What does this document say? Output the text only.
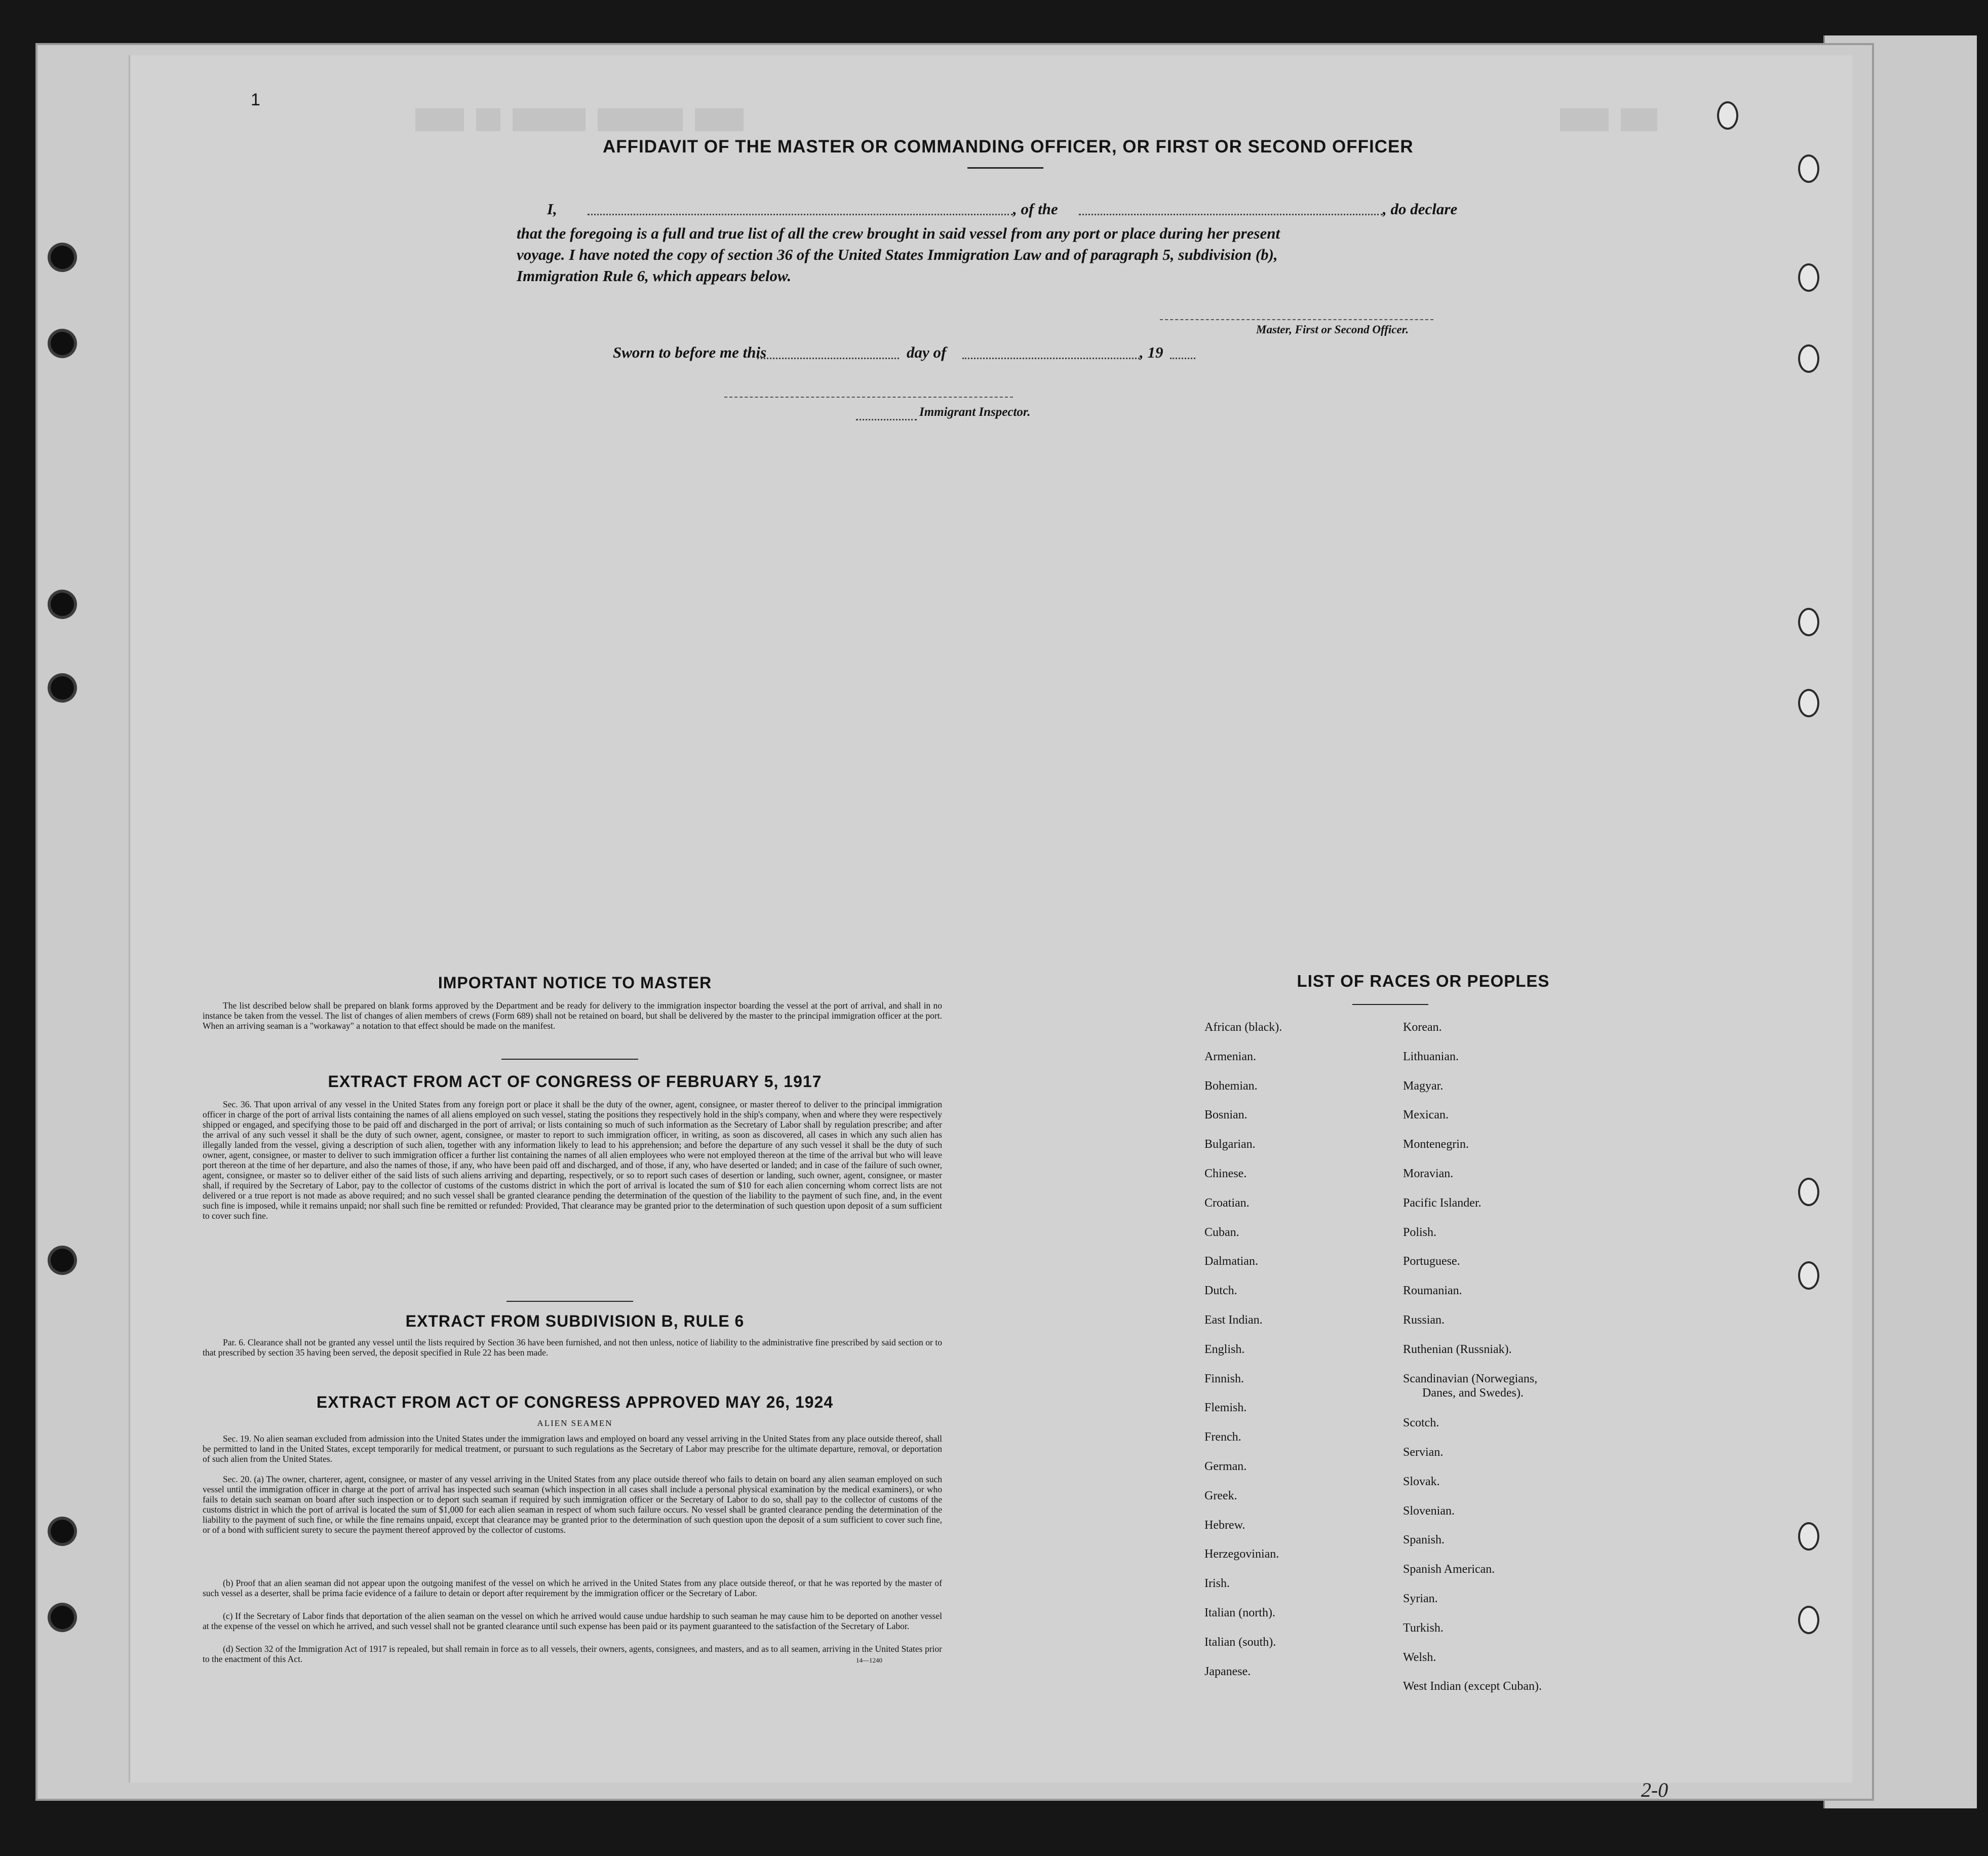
████ ██ ██████ ███████ ████	████ ███
1
AFFIDAVIT OF THE MASTER OR COMMANDING OFFICER, OR FIRST OR SECOND OFFICER
I,	, of the	, do declare
that the foregoing is a full and true list of all the crew brought in said vessel from any port or place during her present
voyage. I have noted the copy of section 36 of the United States Immigration Law and of paragraph 5, subdivision (b),
Immigration Rule 6, which appears below.
Master, First or Second Officer.
Sworn to before me this	day of	, 19
Immigrant Inspector.
IMPORTANT NOTICE TO MASTER
The list described below shall be prepared on blank forms approved by the Department and be ready for delivery to the immigration inspector boarding the vessel at the port of arrival, and shall in no instance be taken from the vessel. The list of changes of alien members of crews (Form 689) shall not be retained on board, but shall be delivered by the master to the principal immigration officer at the port. When an arriving seaman is a "workaway" a notation to that effect should be made on the manifest.
EXTRACT FROM ACT OF CONGRESS OF FEBRUARY 5, 1917
Sec. 36. That upon arrival of any vessel in the United States from any foreign port or place it shall be the duty of the owner, agent, consignee, or master thereof to deliver to the principal immigration officer in charge of the port of arrival lists containing the names of all aliens employed on such vessel, stating the positions they respectively hold in the ship's company, when and where they were respectively shipped or engaged, and specifying those to be paid off and discharged in the port of arrival; or lists containing so much of such information as the Secretary of Labor shall by regulation prescribe; and after the arrival of any such vessel it shall be the duty of such owner, agent, consignee, or master to report to such immigration officer, in writing, as soon as discovered, all cases in which any such alien has illegally landed from the vessel, giving a description of such alien, together with any information likely to lead to his apprehension; and before the departure of any such vessel it shall be the duty of such owner, agent, consignee, or master to deliver to such immigration officer a further list containing the names of all alien employees who were not employed thereon at the time of the arrival but who will leave port thereon at the time of her departure, and also the names of those, if any, who have been paid off and discharged, and of those, if any, who have deserted or landed; and in case of the failure of such owner, agent, consignee, or master so to deliver either of the said lists of such aliens arriving and departing, respectively, or so to report such cases of desertion or landing, such owner, agent, consignee, or master shall, if required by the Secretary of Labor, pay to the collector of customs of the customs district in which the port of arrival is located the sum of $10 for each alien concerning whom correct lists are not delivered or a true report is not made as above required; and no such vessel shall be granted clearance pending the determination of the question of the liability to the payment of such fine, and, in the event such fine is imposed, while it remains unpaid; nor shall such fine be remitted or refunded: Provided, That clearance may be granted prior to the determination of such question upon deposit of a sum sufficient to cover such fine.
EXTRACT FROM SUBDIVISION B, RULE 6
Par. 6. Clearance shall not be granted any vessel until the lists required by Section 36 have been furnished, and not then unless, notice of liability to the administrative fine prescribed by said section or to that prescribed by section 35 having been served, the deposit specified in Rule 22 has been made.
EXTRACT FROM ACT OF CONGRESS APPROVED MAY 26, 1924
ALIEN SEAMEN
Sec. 19. No alien seaman excluded from admission into the United States under the immigration laws and employed on board any vessel arriving in the United States from any place outside thereof, shall be permitted to land in the United States, except temporarily for medical treatment, or pursuant to such regulations as the Secretary of Labor may prescribe for the ultimate departure, removal, or deportation of such alien from the United States.
Sec. 20. (a) The owner, charterer, agent, consignee, or master of any vessel arriving in the United States from any place outside thereof who fails to detain on board any alien seaman employed on such vessel until the immigration officer in charge at the port of arrival has inspected such seaman (which inspection in all cases shall include a personal physical examination by the medical examiners), or who fails to detain such seaman on board after such inspection or to deport such seaman if required by such immigration officer or the Secretary of Labor to do so, shall pay to the collector of customs of the customs district in which the port of arrival is located the sum of $1,000 for each alien seaman in respect of whom such failure occurs. No vessel shall be granted clearance pending the determination of the liability to the payment of such fine, or while the fine remains unpaid, except that clearance may be granted prior to the determination of such question upon the deposit of a sum sufficient to cover such fine, or of a bond with sufficient surety to secure the payment thereof approved by the collector of customs.
(b) Proof that an alien seaman did not appear upon the outgoing manifest of the vessel on which he arrived in the United States from any place outside thereof, or that he was reported by the master of such vessel as a deserter, shall be prima facie evidence of a failure to detain or deport after requirement by the immigration officer or the Secretary of Labor.
(c) If the Secretary of Labor finds that deportation of the alien seaman on the vessel on which he arrived would cause undue hardship to such seaman he may cause him to be deported on another vessel at the expense of the vessel on which he arrived, and such vessel shall not be granted clearance until such expense has been paid or its payment guaranteed to the satisfaction of the Secretary of Labor.
(d) Section 32 of the Immigration Act of 1917 is repealed, but shall remain in force as to all vessels, their owners, agents, consignees, and masters, and as to all seamen, arriving in the United States prior to the enactment of this Act.	14—1240
LIST OF RACES OR PEOPLES
African (black).
Armenian.
Bohemian.
Bosnian.
Bulgarian.
Chinese.
Croatian.
Cuban.
Dalmatian.
Dutch.
East Indian.
English.
Finnish.
Flemish.
French.
German.
Greek.
Hebrew.
Herzegovinian.
Irish.
Italian (north).
Italian (south).
Japanese.
Korean.
Lithuanian.
Magyar.
Mexican.
Montenegrin.
Moravian.
Pacific Islander.
Polish.
Portuguese.
Roumanian.
Russian.
Ruthenian (Russniak).
Scandinavian (Norwegians,
Danes, and Swedes).
Scotch.
Servian.
Slovak.
Slovenian.
Spanish.
Spanish American.
Syrian.
Turkish.
Welsh.
West Indian (except Cuban).
2-0
